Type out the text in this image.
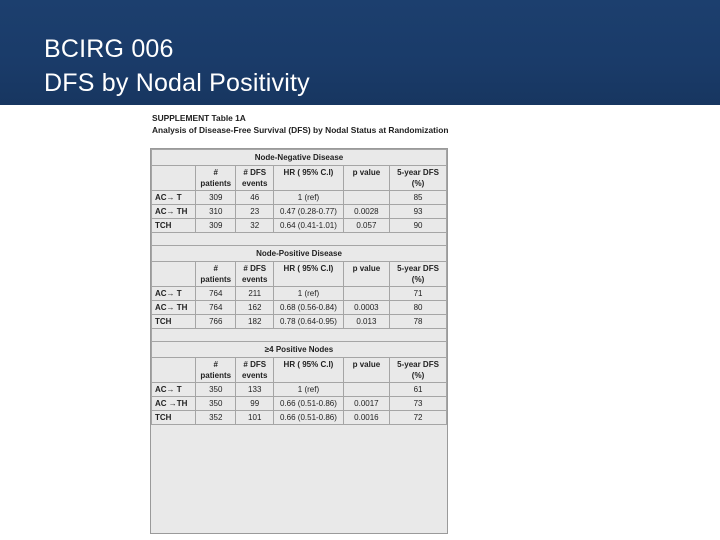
BCIRG 006
DFS by Nodal Positivity
SUPPLEMENT Table 1A
Analysis of Disease-Free Survival (DFS) by Nodal Status at Randomization
Node-Negative Disease					
	# patients	# DFS events	HR ( 95% C.I)	p value	5-year DFS (%)
AC→ T	309	46	1 (ref)		85
AC→ TH	310	23	0.47 (0.28-0.77)	0.0028	93
TCH	309	32	0.64 (0.41-1.01)	0.057	90

Node-Positive Disease					
	# patients	# DFS events	HR ( 95% C.I)	p value	5-year DFS (%)
AC→ T	764	211	1 (ref)		71
AC→ TH	764	162	0.68 (0.56-0.84)	0.0003	80
TCH	766	182	0.78 (0.64-0.95)	0.013	78

≥4 Positive Nodes					
	# patients	# DFS events	HR ( 95% C.I)	p value	5-year DFS (%)
AC→ T	350	133	1 (ref)		61
AC →TH	350	99	0.66 (0.51-0.86)	0.0017	73
TCH	352	101	0.66 (0.51-0.86)	0.0016	72
